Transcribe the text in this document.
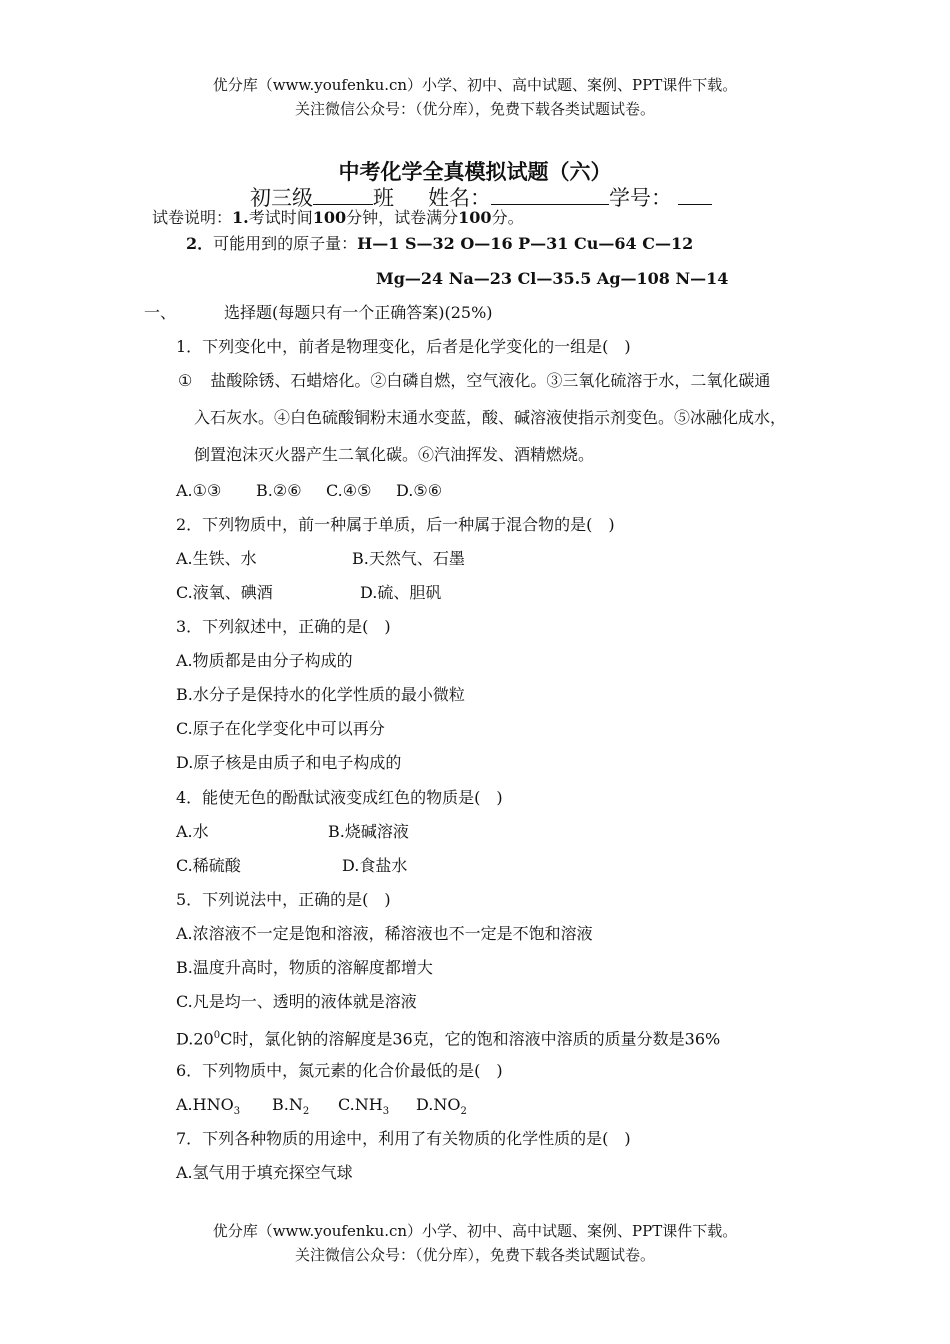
优分库（www.youfenku.cn）小学、初中、高中试题、案例、PPT课件下载。
关注微信公众号：（优分库），免费下载各类试题试卷。
中考化学全真模拟试题（六）
初三级	班 姓名：	学号：
试卷说明：1.考试时间100分钟，试卷满分100分。
2．可能用到的原子量：H—1 S—32 O—16 P—31 Cu—64 C—12
Mg—24 Na—23 Cl—35.5 Ag—108 N—14
一、	选择题(每题只有一个正确答案)(25%)
1．下列变化中，前者是物理变化，后者是化学变化的一组是(　)
① 盐酸除锈、石蜡熔化。②白磷自燃，空气液化。③三氧化硫溶于水，二氧化碳通
入石灰水。④白色硫酸铜粉末通水变蓝，酸、碱溶液使指示剂变色。⑤冰融化成水，
倒置泡沫灭火器产生二氧化碳。⑥汽油挥发、酒精燃烧。
A.①③ B.②⑥ C.④⑤ D.⑤⑥
2．下列物质中，前一种属于单质，后一种属于混合物的是(　)
A.生铁、水	B.天然气、石墨
C.液氧、碘酒	D.硫、胆矾
3．下列叙述中，正确的是(　)
A.物质都是由分子构成的
B.水分子是保持水的化学性质的最小微粒
C.原子在化学变化中可以再分
D.原子核是由质子和电子构成的
4．能使无色的酚酞试液变成红色的物质是(　)
A.水	B.烧碱溶液
C.稀硫酸	D.食盐水
5．下列说法中，正确的是(　)
A.浓溶液不一定是饱和溶液，稀溶液也不一定是不饱和溶液
B.温度升高时，物质的溶解度都增大
C.凡是均一、透明的液体就是溶液
$D.20^0C$时，氯化钠的溶解度是36克，它的饱和溶液中溶质的质量分数是36%
6．下列物质中，氮元素的化合价最低的是(　)
$A.HNO_3$ $B.N_2$ $C.NH_3$ $D.NO_2$
7．下列各种物质的用途中，利用了有关物质的化学性质的是(　)
A.氢气用于填充探空气球
优分库（www.youfenku.cn）小学、初中、高中试题、案例、PPT课件下载。
关注微信公众号：（优分库），免费下载各类试题试卷。
